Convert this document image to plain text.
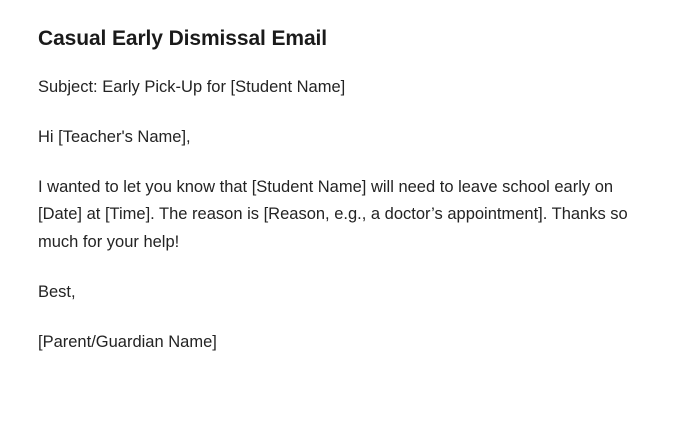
Casual Early Dismissal Email

Subject: Early Pick-Up for [Student Name]

Hi [Teacher's Name],

I wanted to let you know that [Student Name] will need to leave school early on [Date] at [Time]. The reason is [Reason, e.g., a doctor’s appointment]. Thanks so much for your help!

Best,

[Parent/Guardian Name]
